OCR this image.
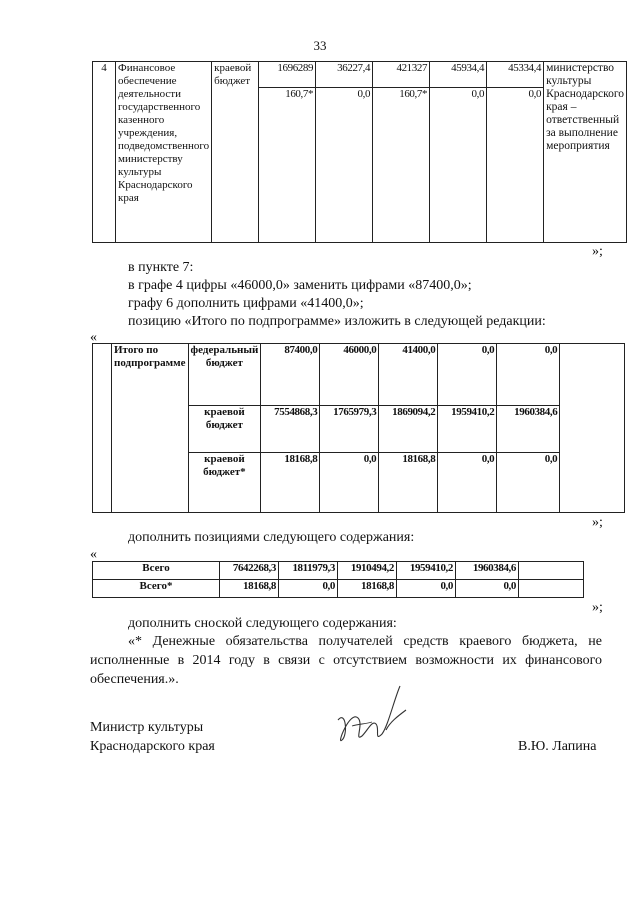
33
4	Финансовое обеспечение деятельности государственного казенного учреждения, подведомственного министерству культуры Краснодарского края	краевой бюджет	1696289	36227,4	421327	45934,4	45334,4	министерство культуры Краснодарского края – ответственный за выполнение мероприятия
			160,7*	0,0	160,7*	0,0	0,0	
»;
в пункте 7:
в графе 4 цифры «46000,0» заменить цифрами «87400,0»;
графу 6 дополнить цифрами «41400,0»;
позицию «Итого по подпрограмме» изложить в следующей редакции:
«
	Итого по подпрограмме	федеральный бюджет	87400,0	46000,0	41400,0	0,0	0,0	
		краевой бюджет	7554868,3	1765979,3	1869094,2	1959410,2	1960384,6	
		краевой бюджет*	18168,8	0,0	18168,8	0,0	0,0	
»;
дополнить позициями следующего содержания:
«
Всего	7642268,3	1811979,3	1910494,2	1959410,2	1960384,6	
Всего*	18168,8	0,0	18168,8	0,0	0,0	
»;
дополнить сноской следующего содержания:
«* Денежные обязательства получателей средств краевого бюджета, не исполненные в 2014 году в связи с отсутствием возможности их финансового обеспечения.».
Министр культуры
Краснодарского края	В.Ю. Лапина
